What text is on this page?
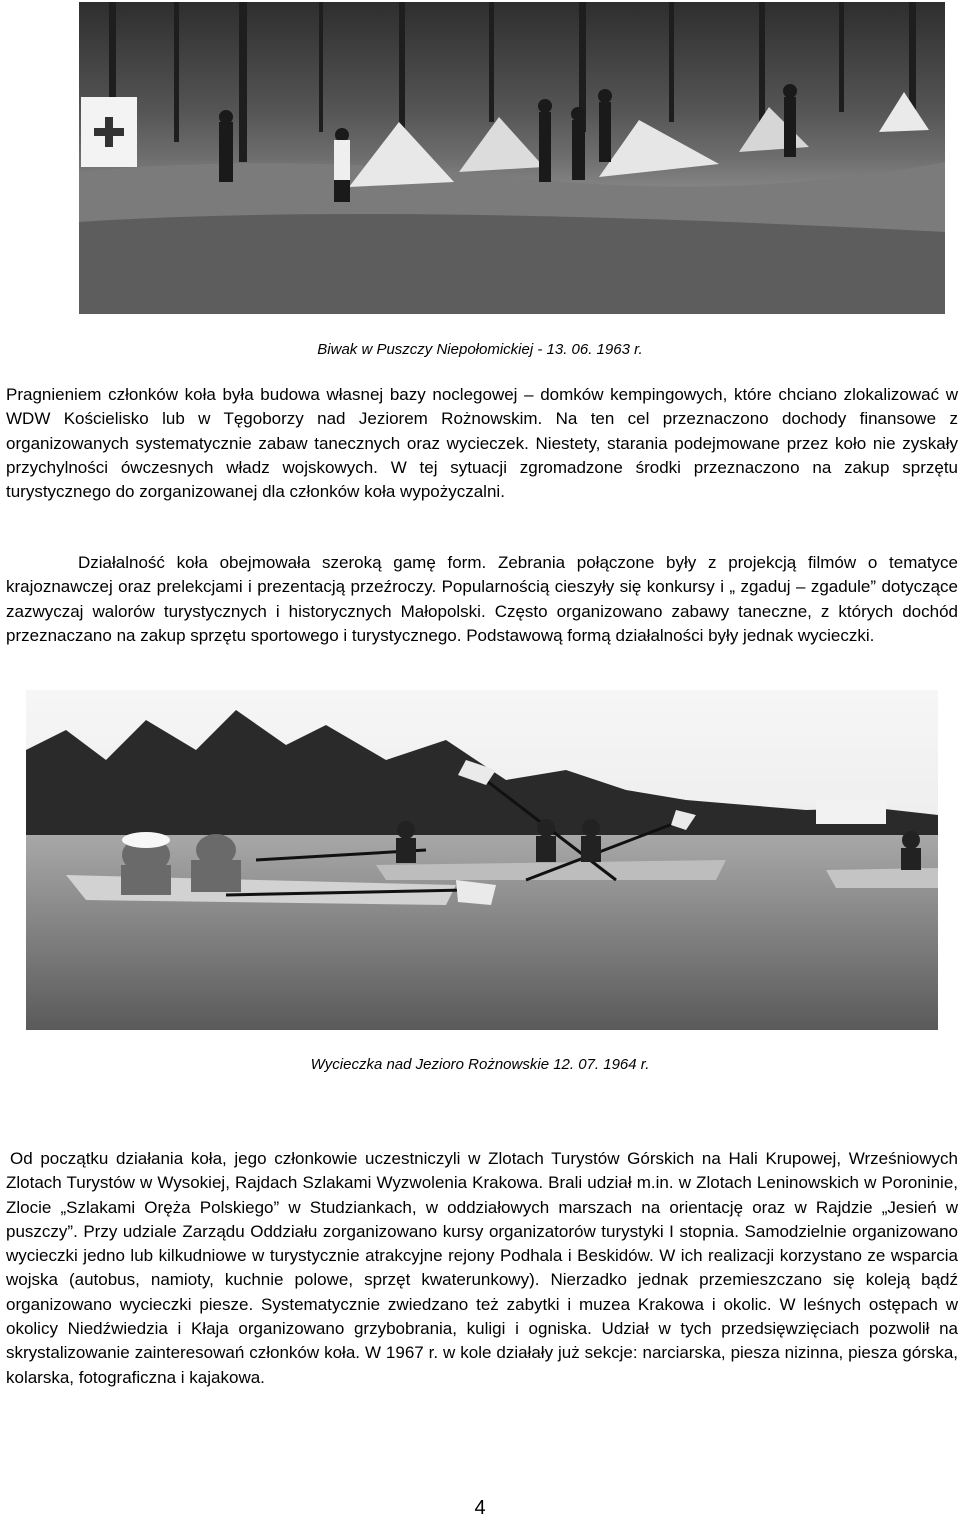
Biwak w Puszczy Niepołomickiej - 13. 06. 1963 r.

Pragnieniem członków koła była budowa własnej bazy noclegowej – domków kempingowych, które chciano zlokalizować w WDW Kościelisko lub w Tęgoborzy nad Jeziorem Rożnowskim. Na ten cel przeznaczono dochody finansowe z organizowanych systematycznie zabaw tanecznych oraz wycieczek. Niestety, starania podejmowane przez koło nie zyskały przychylności ówczesnych władz wojskowych. W tej sytuacji zgromadzone środki przeznaczono na zakup sprzętu turystycznego do zorganizowanej dla członków koła wypożyczalni.

Działalność koła obejmowała szeroką gamę form. Zebrania połączone były z projekcją filmów o tematyce krajoznawczej oraz prelekcjami i prezentacją przeźroczy. Popularnością cieszyły się konkursy i „ zgaduj – zgadule” dotyczące zazwyczaj walorów turystycznych i historycznych Małopolski. Często organizowano zabawy taneczne, z których dochód przeznaczano na zakup sprzętu sportowego i turystycznego. Podstawową formą działalności były jednak wycieczki.

Wycieczka nad Jezioro Rożnowskie 12. 07. 1964 r.

Od początku działania koła, jego członkowie uczestniczyli w Zlotach Turystów Górskich na Hali Krupowej, Wrześniowych Zlotach Turystów w Wysokiej, Rajdach Szlakami Wyzwolenia Krakowa. Brali udział m.in. w Zlotach Leninowskich w Poroninie, Zlocie „Szlakami Oręża Polskiego” w Studziankach, w oddziałowych marszach na orientację oraz w Rajdzie „Jesień w puszczy”. Przy udziale Zarządu Oddziału zorganizowano kursy organizatorów turystyki I stopnia. Samodzielnie organizowano wycieczki jedno lub kilkudniowe w turystycznie atrakcyjne rejony Podhala i Beskidów. W ich realizacji korzystano ze wsparcia wojska (autobus, namioty, kuchnie polowe, sprzęt kwaterunkowy). Nierzadko jednak przemieszczano się koleją bądź organizowano wycieczki piesze. Systematycznie zwiedzano też zabytki i muzea Krakowa i okolic. W leśnych ostępach w okolicy Niedźwiedzia i Kłaja organizowano grzybobrania, kuligi i ogniska. Udział w tych przedsięwzięciach pozwolił na skrystalizowanie zainteresowań członków koła. W 1967 r. w kole działały już sekcje: narciarska, piesza nizinna, piesza górska, kolarska, fotograficzna i kajakowa.

4
